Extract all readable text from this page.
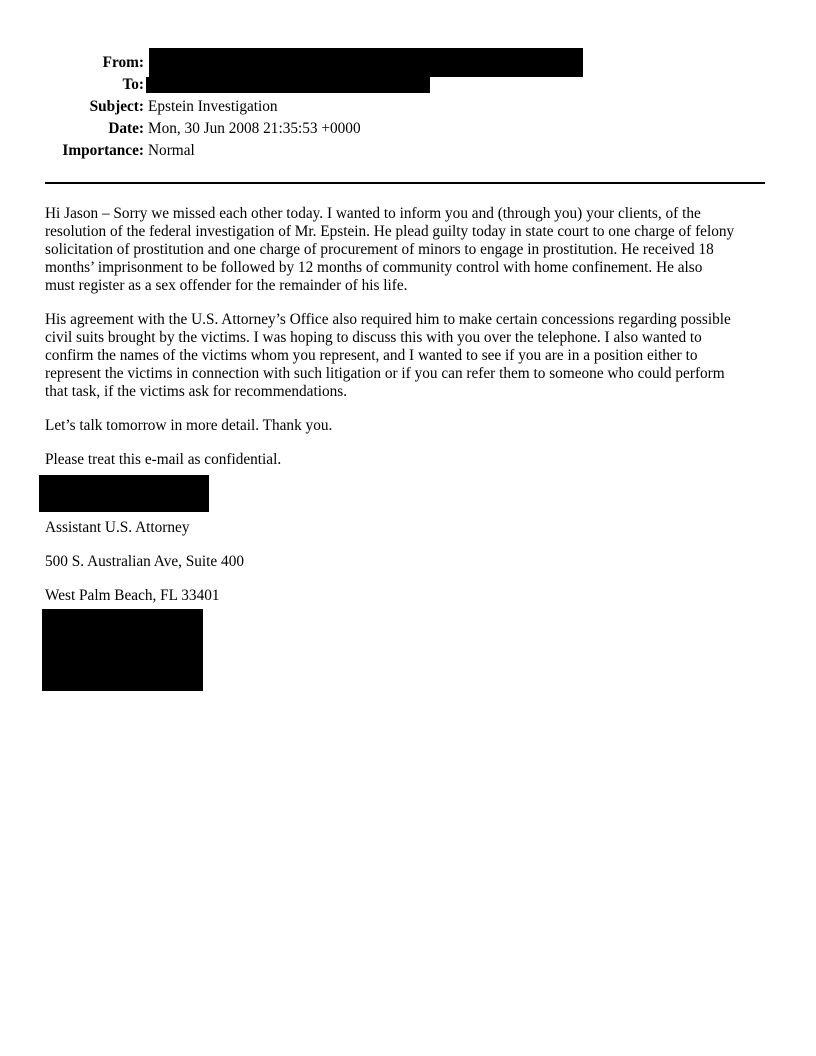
From:
To:
Subject: Epstein Investigation
Date: Mon, 30 Jun 2008 21:35:53 +0000
Importance: Normal

Hi Jason – Sorry we missed each other today. I wanted to inform you and (through you) your clients, of the
resolution of the federal investigation of Mr. Epstein. He plead guilty today in state court to one charge of felony
solicitation of prostitution and one charge of procurement of minors to engage in prostitution. He received 18
months’ imprisonment to be followed by 12 months of community control with home confinement. He also
must register as a sex offender for the remainder of his life.

His agreement with the U.S. Attorney’s Office also required him to make certain concessions regarding possible
civil suits brought by the victims. I was hoping to discuss this with you over the telephone. I also wanted to
confirm the names of the victims whom you represent, and I wanted to see if you are in a position either to
represent the victims in connection with such litigation or if you can refer them to someone who could perform
that task, if the victims ask for recommendations.

Let’s talk tomorrow in more detail. Thank you.

Please treat this e-mail as confidential.

Assistant U.S. Attorney

500 S. Australian Ave, Suite 400

West Palm Beach, FL 33401
